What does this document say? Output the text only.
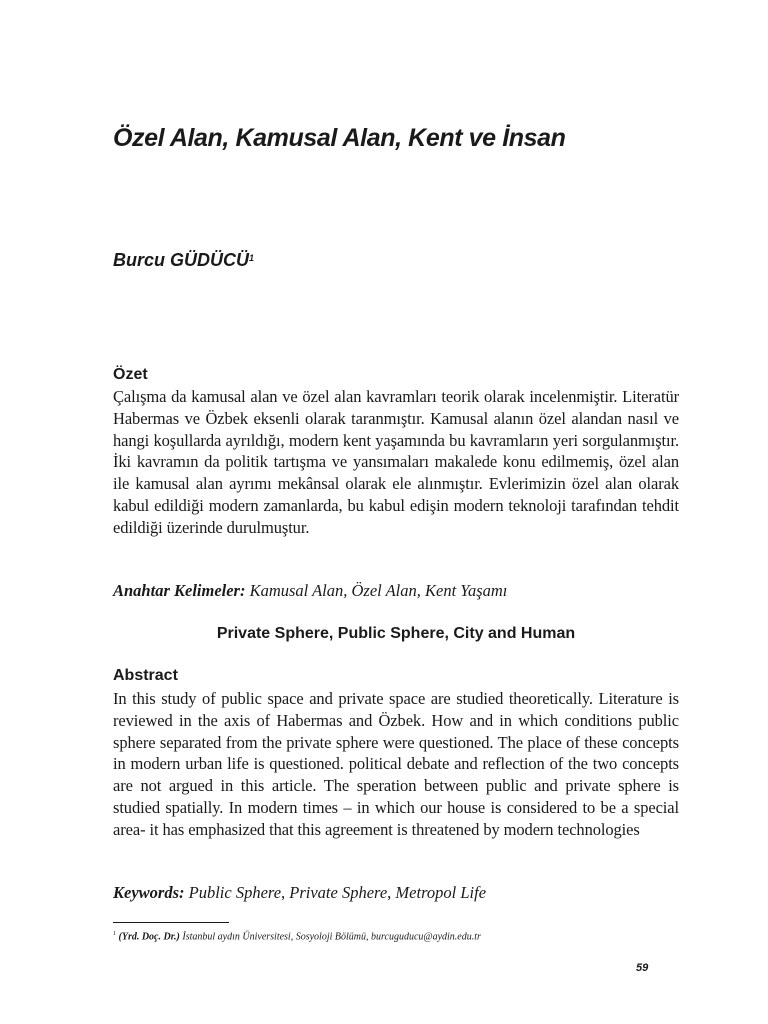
Özel Alan, Kamusal Alan, Kent ve İnsan

Burcu GÜDÜCÜ$^1$

Özet

Çalışma da kamusal alan ve özel alan kavramları teorik olarak incelenmiştir. Literatür Habermas ve Özbek eksenli olarak taranmıştır. Kamusal alanın özel alandan nasıl ve hangi koşullarda ayrıldığı, modern kent yaşamında bu kavramların yeri sorgulanmıştır. İki kavramın da politik tartışma ve yansımaları makalede konu edilmemiş, özel alan ile kamusal alan ayrımı mekânsal olarak ele alınmıştır. Evlerimizin özel alan olarak kabul edildiği modern zamanlarda, bu kabul edişin modern teknoloji tarafından tehdit edildiği üzerinde durulmuştur.

Anahtar Kelimeler: Kamusal Alan, Özel Alan, Kent Yaşamı

Private Sphere, Public Sphere, City and Human
Abstract

In this study of public space and private space are studied theoretically. Literature is reviewed in the axis of Habermas and Özbek. How and in which conditions public sphere separated from the private sphere were questioned. The place of these concepts in modern urban life is questioned. political debate and reflection of the two concepts are not argued in this article. The speration between public and private sphere is studied spatially. In modern times – in which our house is considered to be a special area- it has emphasized that this agreement is threatened by modern technologies

Keywords: Public Sphere, Private Sphere, Metropol Life

$^1$ (Yrd. Doç. Dr.) İstanbul aydın Üniversitesi, Sosyoloji Bölümü, burcuguducu@aydin.edu.tr

59
